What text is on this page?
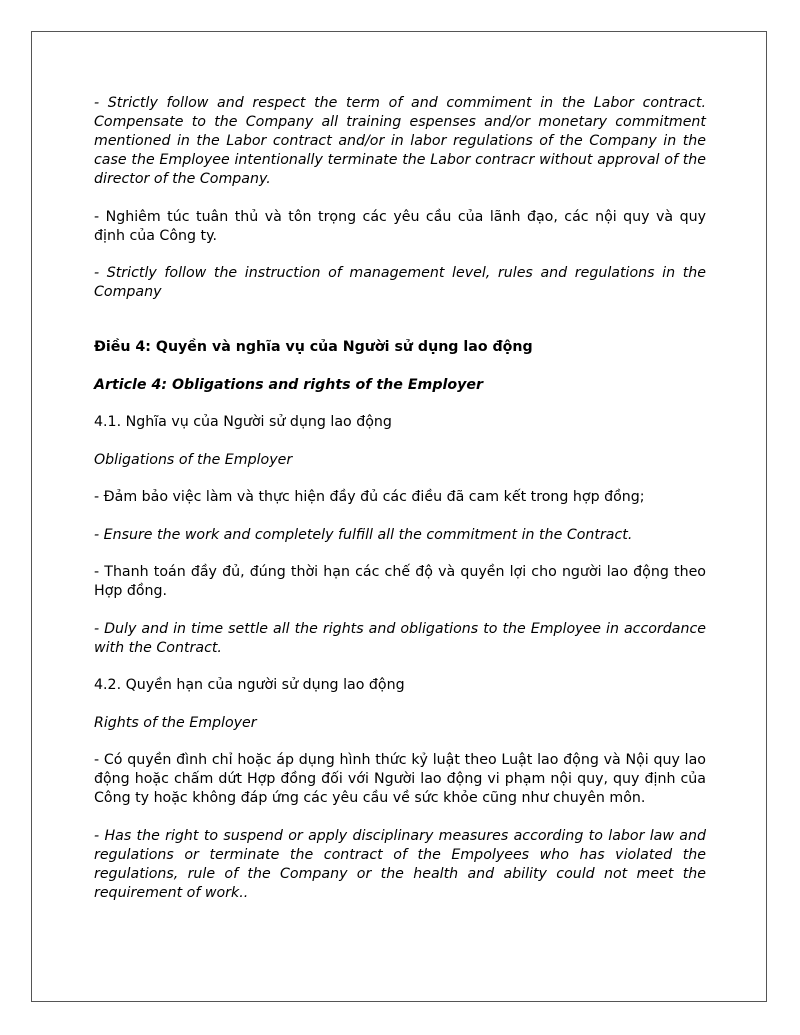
- Strictly follow and respect the term of and commiment in the Labor contract. Compensate to the Company all training espenses and/or monetary commitment mentioned in the Labor contract and/or in labor regulations of the Company in the case the Employee intentionally terminate the Labor contracr without approval of the director of the Company.

- Nghiêm túc tuân thủ và tôn trọng các yêu cầu của lãnh đạo, các nội quy và quy định của Công ty.

- Strictly follow the instruction of management level, rules and regulations in the Company

Điều 4: Quyền và nghĩa vụ của Người sử dụng lao động

Article 4: Obligations and rights of the Employer

4.1. Nghĩa vụ của Người sử dụng lao động

Obligations of the Employer

- Đảm bảo việc làm và thực hiện đầy đủ các điều đã cam kết trong hợp đồng;

- Ensure the work and completely fulfill all the commitment in the Contract.

- Thanh toán đầy đủ, đúng thời hạn các chế độ và quyền lợi cho người lao động theo Hợp đồng.

- Duly and in time settle all the rights and obligations to the Employee in accordance with the Contract.

4.2. Quyền hạn của người sử dụng lao động

Rights of the Employer

- Có quyền đình chỉ hoặc áp dụng hình thức kỷ luật theo Luật lao động và Nội quy lao động hoặc chấm dứt Hợp đồng đối với Người lao động vi phạm nội quy, quy định của Công ty hoặc không đáp ứng các yêu cầu về sức khỏe cũng như chuyên môn.

- Has the right to suspend or apply disciplinary measures according to labor law and regulations or terminate the contract of the Empolyees who has violated the regulations, rule of the Company or the health and ability could not meet the requirement of work..
